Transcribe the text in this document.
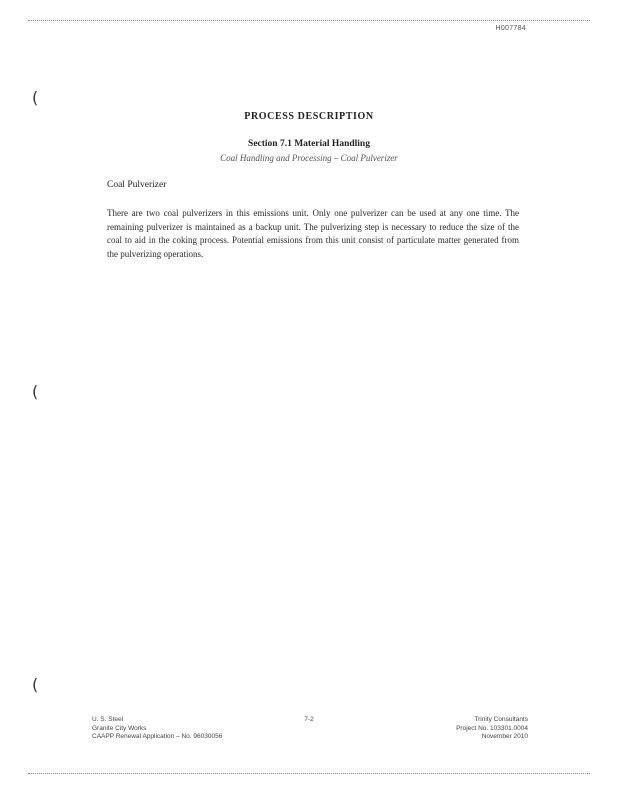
H007784
(
(
(
PROCESS DESCRIPTION
Section 7.1 Material Handling
Coal Handling and Processing – Coal Pulverizer
Coal Pulverizer
There are two coal pulverizers in this emissions unit. Only one pulverizer can be used at any one time. The remaining pulverizer is maintained as a backup unit. The pulverizing step is necessary to reduce the size of the coal to aid in the coking process. Potential emissions from this unit consist of particulate matter generated from the pulverizing operations.
U. S. Steel
Granite City Works
CAAPP Renewal Application – No. 96030056
7-2	Trinity Consultants
Project No. 103301.0004
November 2010
